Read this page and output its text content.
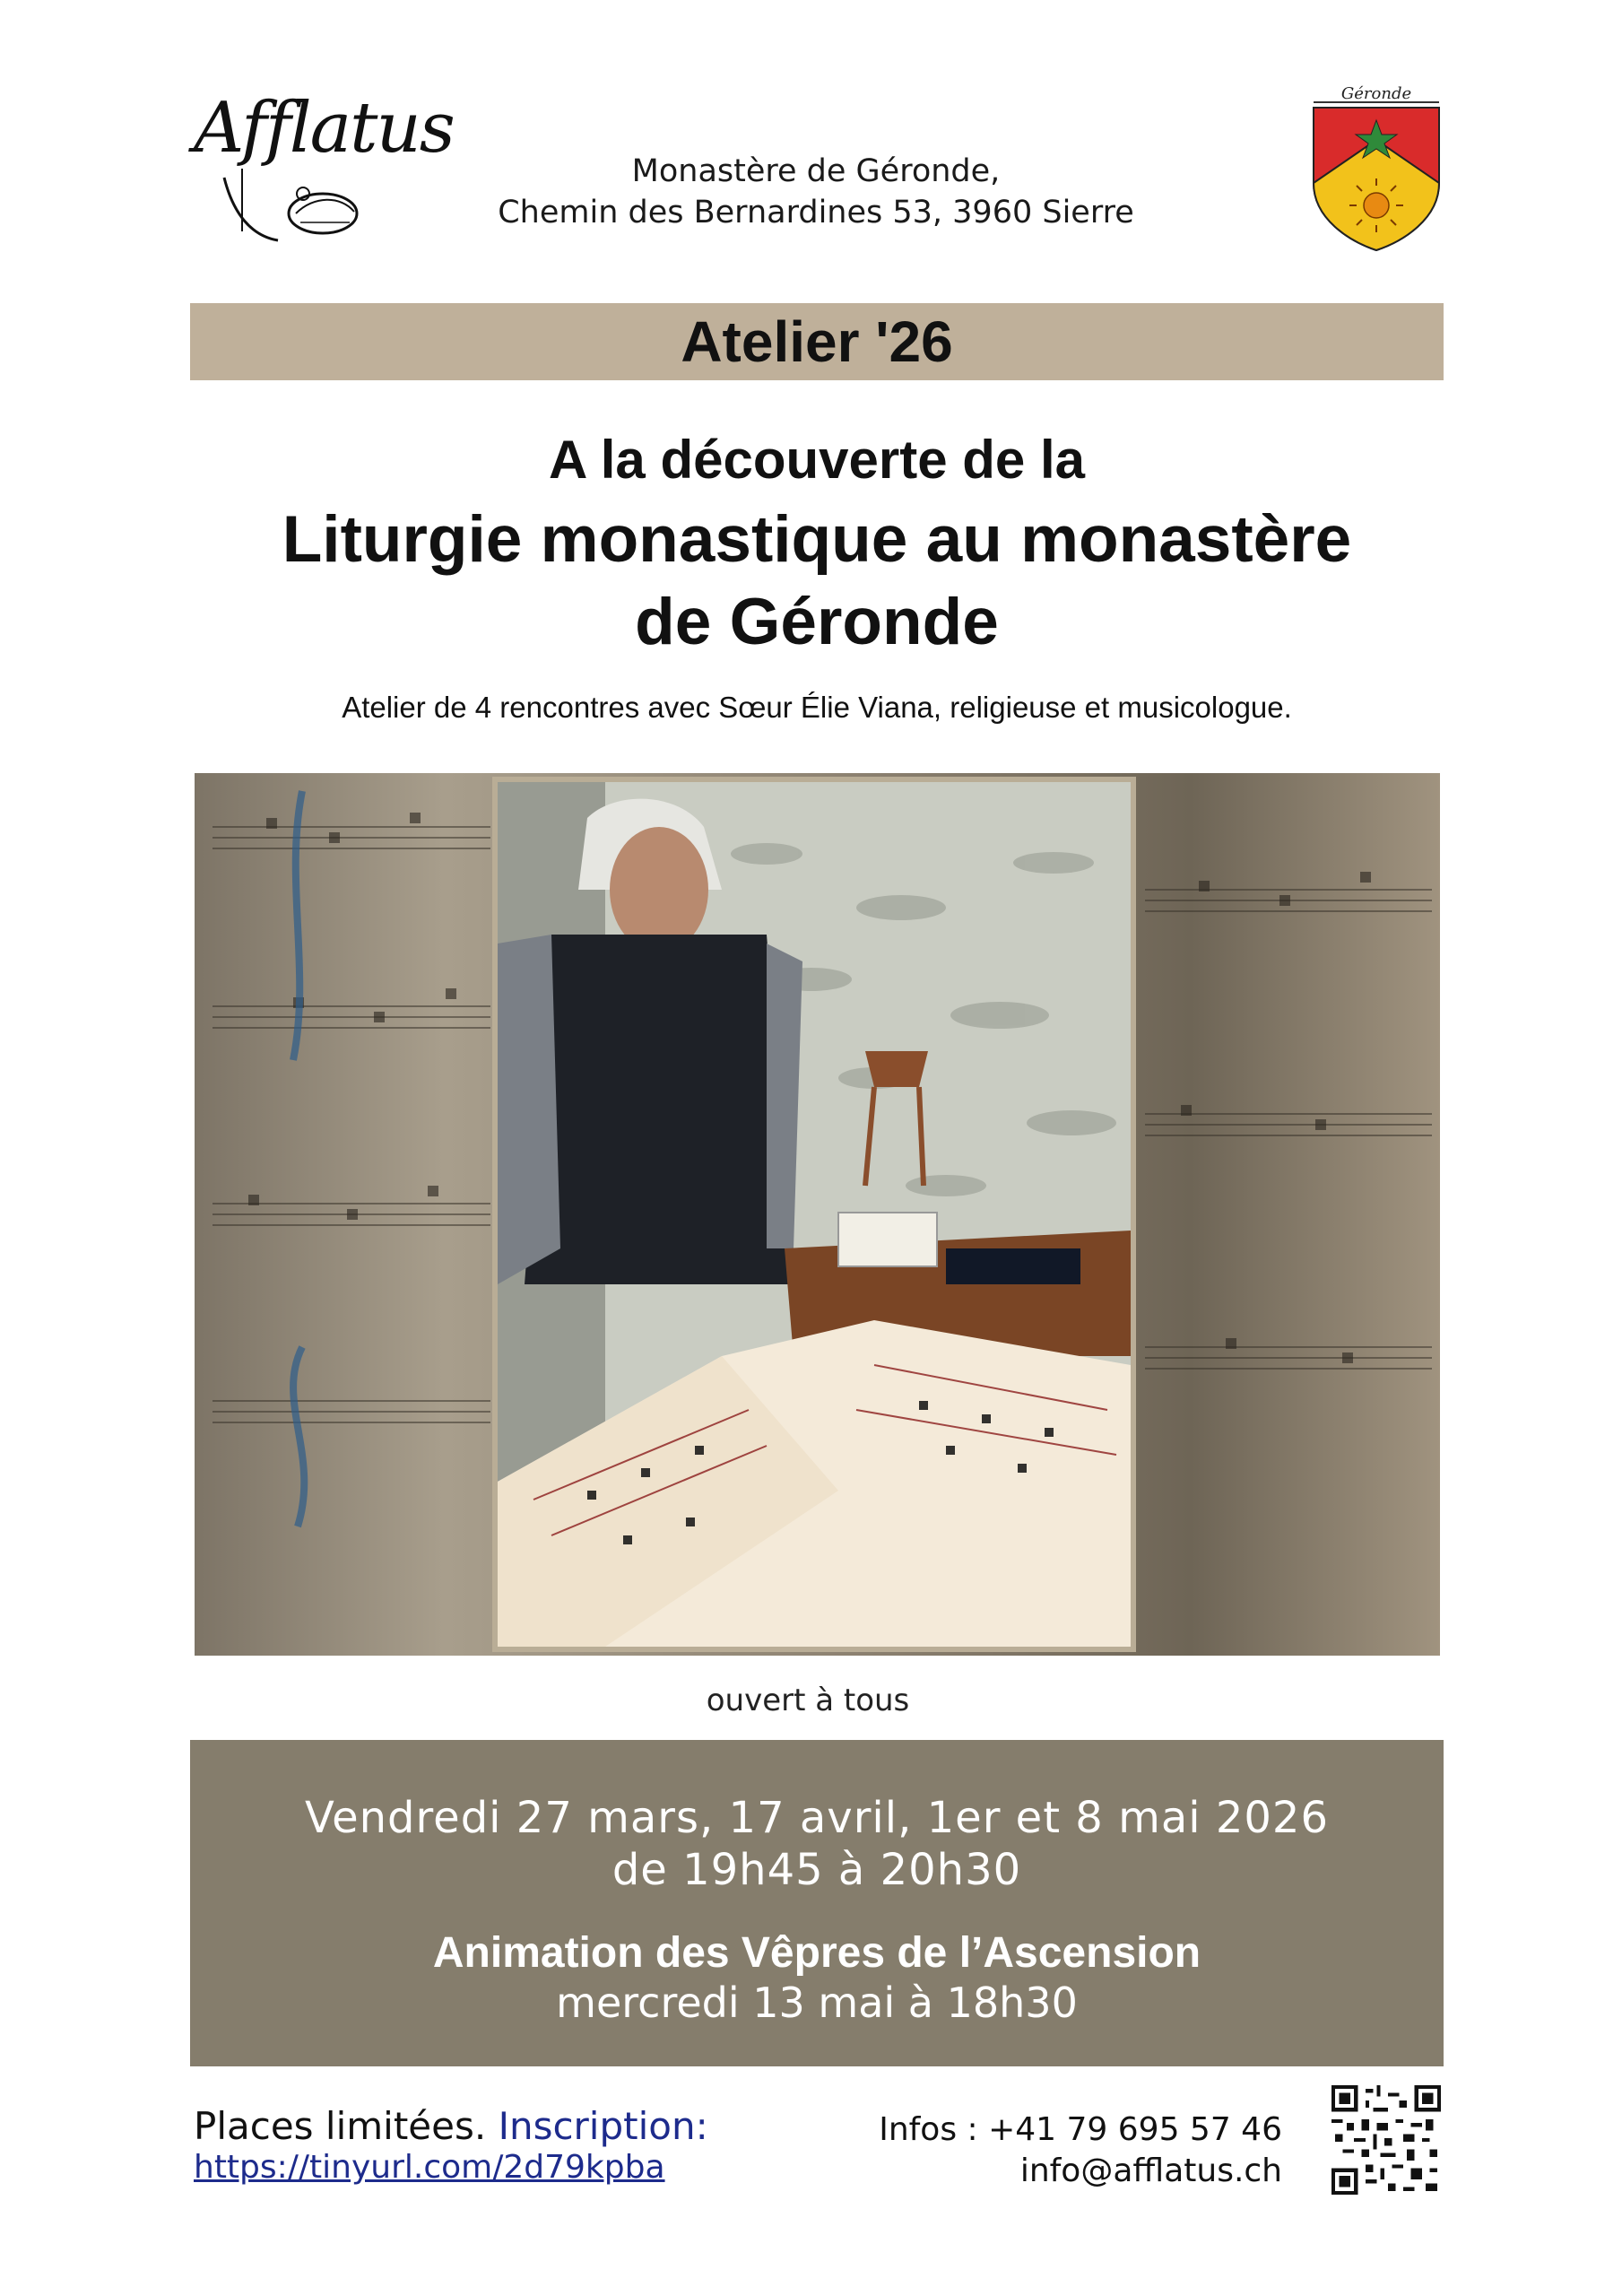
Afflatus
Monastère de Géronde,
Chemin des Bernardines 53, 3960 Sierre
Géronde
Atelier '26
A la découverte de la
Liturgie monastique au monastère
de Géronde
Atelier de 4 rencontres avec Sœur Élie Viana, religieuse et musicologue.
ouvert à tous
Vendredi 27 mars, 17 avril, 1er et 8 mai 2026
de 19h45 à 20h30
Animation des Vêpres de l’Ascension
mercredi 13 mai à 18h30
Places limitées. Inscription:
https://tinyurl.com/2d79kpba
Infos : +41 79 695 57 46
info@afflatus.ch
